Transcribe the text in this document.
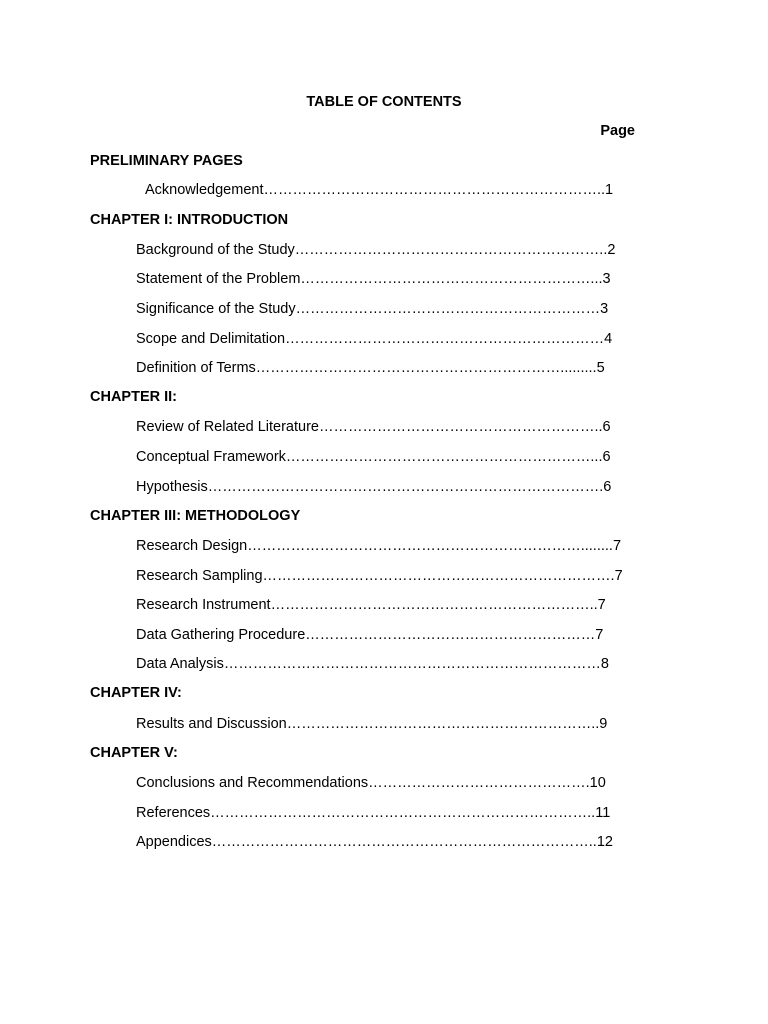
TABLE OF CONTENTS
Page
PRELIMINARY PAGES
Acknowledgement……………………………………………………………..1
CHAPTER I: INTRODUCTION
Background of the Study………………………………………………………..2
Statement of the Problem……………………………………………………...3
Significance of the Study………………………………………………………3
Scope and Delimitation…………………………………………………………4
Definition of Terms……………………………………………………….........5
CHAPTER II:
Review of Related Literature…………………………………………………..6
Conceptual Framework………………………………………………………...6
Hypothesis……………………………………………………………………….6
CHAPTER III: METHODOLOGY
Research Design……………………………………………………………........7
Research Sampling……………………………………………………………….7
Research Instrument…………………………………………………………..7
Data Gathering Procedure……………………………………………………7
Data Analysis……………………………………………………………………8
CHAPTER IV:
Results and Discussion………………………………………………………..9
CHAPTER V:
Conclusions and Recommendations……………………………………….10
References……………………………………………………………………..11
Appendices……………………………………………………………………..12
